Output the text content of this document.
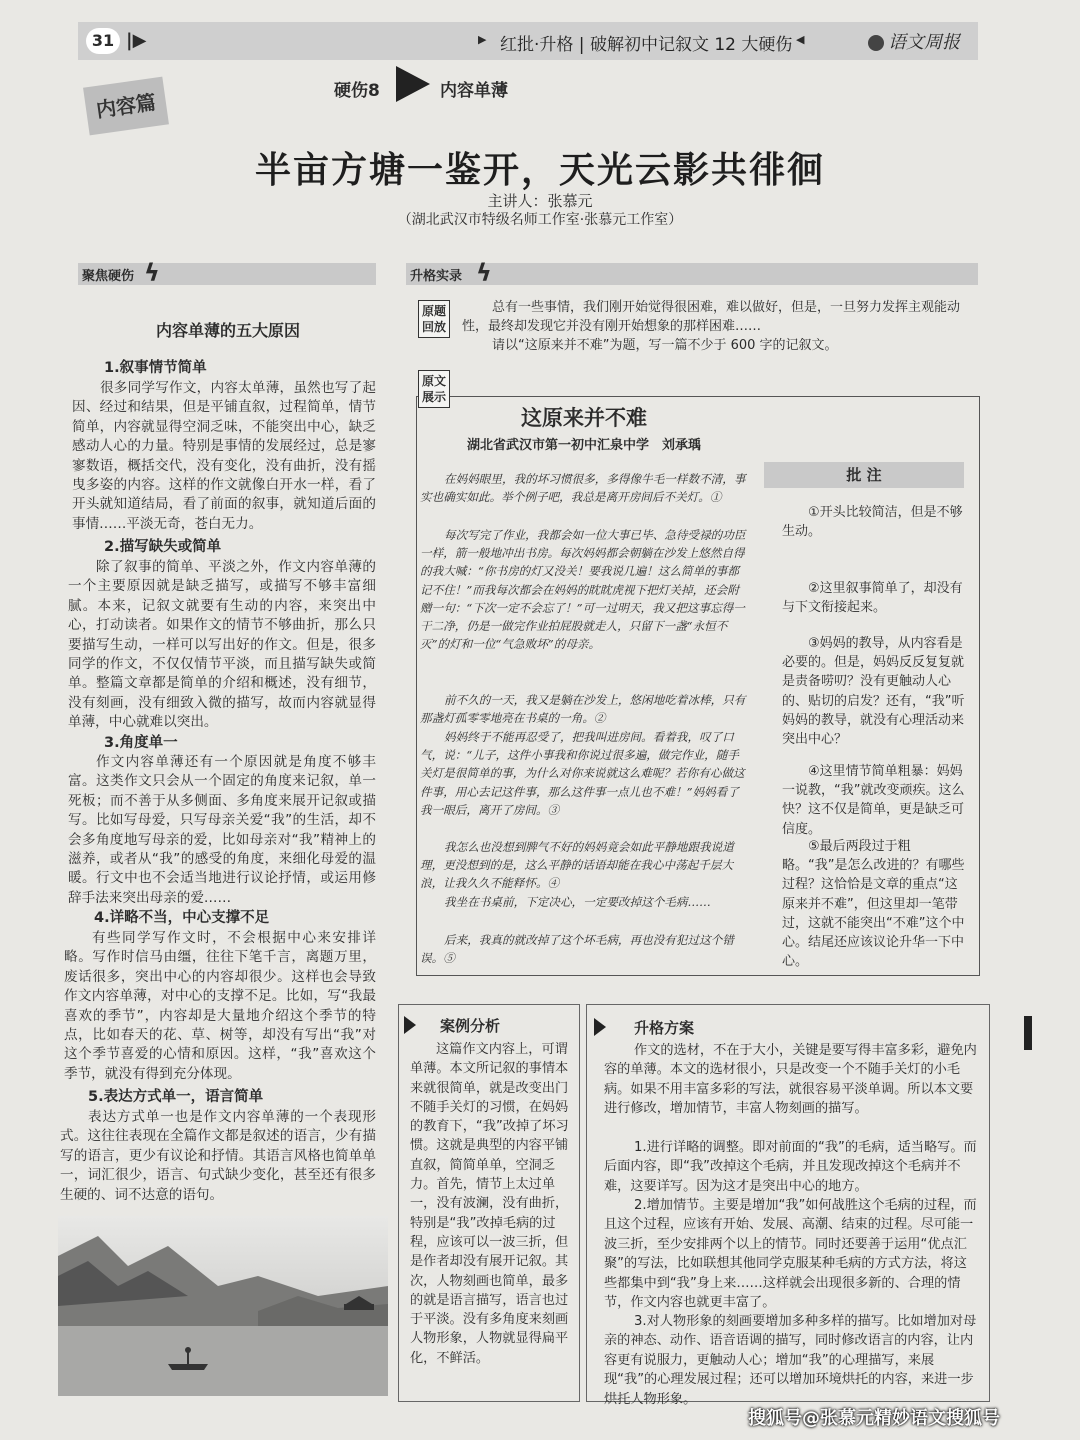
31 |▶	▶ 红批·升格 | 破解初中记叙文 12 大硬伤 ◀	语文周报
内容篇	硬伤8	内容单薄
半亩方塘一鉴开，天光云影共徘徊
主讲人：张慕元
（湖北武汉市特级名师工作室·张慕元工作室）
聚焦硬伤 ϟ	升格实录 ϟ
内容单薄的五大原因
1.叙事情节简单
很多同学写作文，内容太单薄，虽然也写了起因、经过和结果，但是平铺直叙，过程简单，情节简单，内容就显得空洞乏味，不能突出中心，缺乏感动人心的力量。特别是事情的发展经过，总是寥寥数语，概括交代，没有变化，没有曲折，没有摇曳多姿的内容。这样的作文就像白开水一样，看了开头就知道结局，看了前面的叙事，就知道后面的事情……平淡无奇，苍白无力。
2.描写缺失或简单
除了叙事的简单、平淡之外，作文内容单薄的一个主要原因就是缺乏描写，或描写不够丰富细腻。本来，记叙文就要有生动的内容，来突出中心，打动读者。如果作文的情节不够曲折，那么只要描写生动，一样可以写出好的作文。但是，很多同学的作文，不仅仅情节平淡，而且描写缺失或简单。整篇文章都是简单的介绍和概述，没有细节，没有刻画，没有细致入微的描写，故而内容就显得单薄，中心就难以突出。
3.角度单一
作文内容单薄还有一个原因就是角度不够丰富。这类作文只会从一个固定的角度来记叙，单一死板；而不善于从多侧面、多角度来展开记叙或描写。比如写母爱，只写母亲关爱“我”的生活，却不会多角度地写母亲的爱，比如母亲对“我”精神上的滋养，或者从“我”的感受的角度，来细化母爱的温暖。行文中也不会适当地进行议论抒情，或运用修辞手法来突出母亲的爱……
4.详略不当，中心支撑不足
有些同学写作文时，不会根据中心来安排详略。写作时信马由缰，往往下笔千言，离题万里，废话很多，突出中心的内容却很少。这样也会导致作文内容单薄，对中心的支撑不足。比如，写“我最喜欢的季节”，内容却是大量地介绍这个季节的特点，比如春天的花、草、树等，却没有写出“我”对这个季节喜爱的心情和原因。这样，“我”喜欢这个季节，就没有得到充分体现。
5.表达方式单一，语言简单
表达方式单一也是作文内容单薄的一个表现形式。这往往表现在全篇作文都是叙述的语言，少有描写的语言，更少有议论和抒情。其语言风格也简单单一，词汇很少，语言、句式缺少变化，甚至还有很多生硬的、词不达意的语句。
原题回放
总有一些事情，我们刚开始觉得很困难，难以做好，但是，一旦努力发挥主观能动性，最终却发现它并没有刚开始想象的那样困难……
请以“这原来并不难”为题，写一篇不少于 600 字的记叙文。
原文展示
这原来并不难
湖北省武汉市第一初中汇泉中学　刘承瑀
在妈妈眼里，我的坏习惯很多，多得像牛毛一样数不清，事实也确实如此。举个例子吧，我总是离开房间后不关灯。①
每次写完了作业，我都会如一位大事已毕、急待受禄的功臣一样，箭一般地冲出书房。每次妈妈都会朝躺在沙发上悠然自得的我大喊：“你书房的灯又没关！要我说几遍！这么简单的事都记不住！”而我每次都会在妈妈的眈眈虎视下把灯关掉，还会附赠一句：“下次一定不会忘了！”可一过明天，我又把这事忘得一干二净，仍是一做完作业拍屁股就走人，只留下一盏“永恒不灭”的灯和一位“气急败坏”的母亲。
前不久的一天，我又是躺在沙发上，悠闲地吃着冰棒，只有那盏灯孤零零地亮在书桌的一角。②
妈妈终于不能再忍受了，把我叫进房间。看着我，叹了口气，说：“儿子，这件小事我和你说过很多遍，做完作业，随手关灯是很简单的事，为什么对你来说就这么难呢？若你有心做这件事，用心去记这件事，那么这件事一点儿也不难！”妈妈看了我一眼后，离开了房间。③
我怎么也没想到脾气不好的妈妈竟会如此平静地跟我说道理，更没想到的是，这么平静的话语却能在我心中荡起千层大浪，让我久久不能释怀。④
我坐在书桌前，下定决心，一定要改掉这个毛病……
后来，我真的就改掉了这个坏毛病，再也没有犯过这个错误。⑤
批 注
①开头比较简洁，但是不够生动。
②这里叙事简单了，却没有与下文衔接起来。
③妈妈的教导，从内容看是必要的。但是，妈妈反反复复就是责备唠叨？没有更触动人心的、贴切的启发？还有，“我”听妈妈的教导，就没有心理活动来突出中心？
④这里情节简单粗暴：妈妈一说教，“我”就改变顽疾。这么快？这不仅是简单，更是缺乏可信度。
⑤最后两段过于粗略。“我”是怎么改进的？有哪些过程？这恰恰是文章的重点“这原来并不难”，但这里却一笔带过，这就不能突出“不难”这个中心。结尾还应该议论升华一下中心。
案例分析
这篇作文内容上，可谓单薄。本文所记叙的事情本来就很简单，就是改变出门不随手关灯的习惯，在妈妈的教育下，“我”改掉了坏习惯。这就是典型的内容平铺直叙，简简单单，空洞乏力。首先，情节上太过单一，没有波澜，没有曲折，特别是“我”改掉毛病的过程，应该可以一波三折，但是作者却没有展开记叙。其次，人物刻画也简单，最多的就是语言描写，语言也过于平淡。没有多角度来刻画人物形象，人物就显得扁平化，不鲜活。
升格方案
作文的选材，不在于大小，关键是要写得丰富多彩，避免内容的单薄。本文的选材很小，只是改变一个不随手关灯的小毛病。如果不用丰富多彩的写法，就很容易平淡单调。所以本文要进行修改，增加情节，丰富人物刻画的描写。
1.进行详略的调整。即对前面的“我”的毛病，适当略写。而后面内容，即“我”改掉这个毛病，并且发现改掉这个毛病并不难，这要详写。因为这才是突出中心的地方。
2.增加情节。主要是增加“我”如何战胜这个毛病的过程，而且这个过程，应该有开始、发展、高潮、结束的过程。尽可能一波三折，至少安排两个以上的情节。同时还要善于运用“优点汇聚”的写法，比如联想其他同学克服某种毛病的方式方法，将这些都集中到“我”身上来……这样就会出现很多新的、合理的情节，作文内容也就更丰富了。
3.对人物形象的刻画要增加多种多样的描写。比如增加对母亲的神态、动作、语音语调的描写，同时修改语言的内容，让内容更有说服力，更触动人心；增加“我”的心理描写，来展现“我”的心理发展过程；还可以增加环境烘托的内容，来进一步烘托人物形象。
搜狐号@张慕元精妙语文搜狐号
